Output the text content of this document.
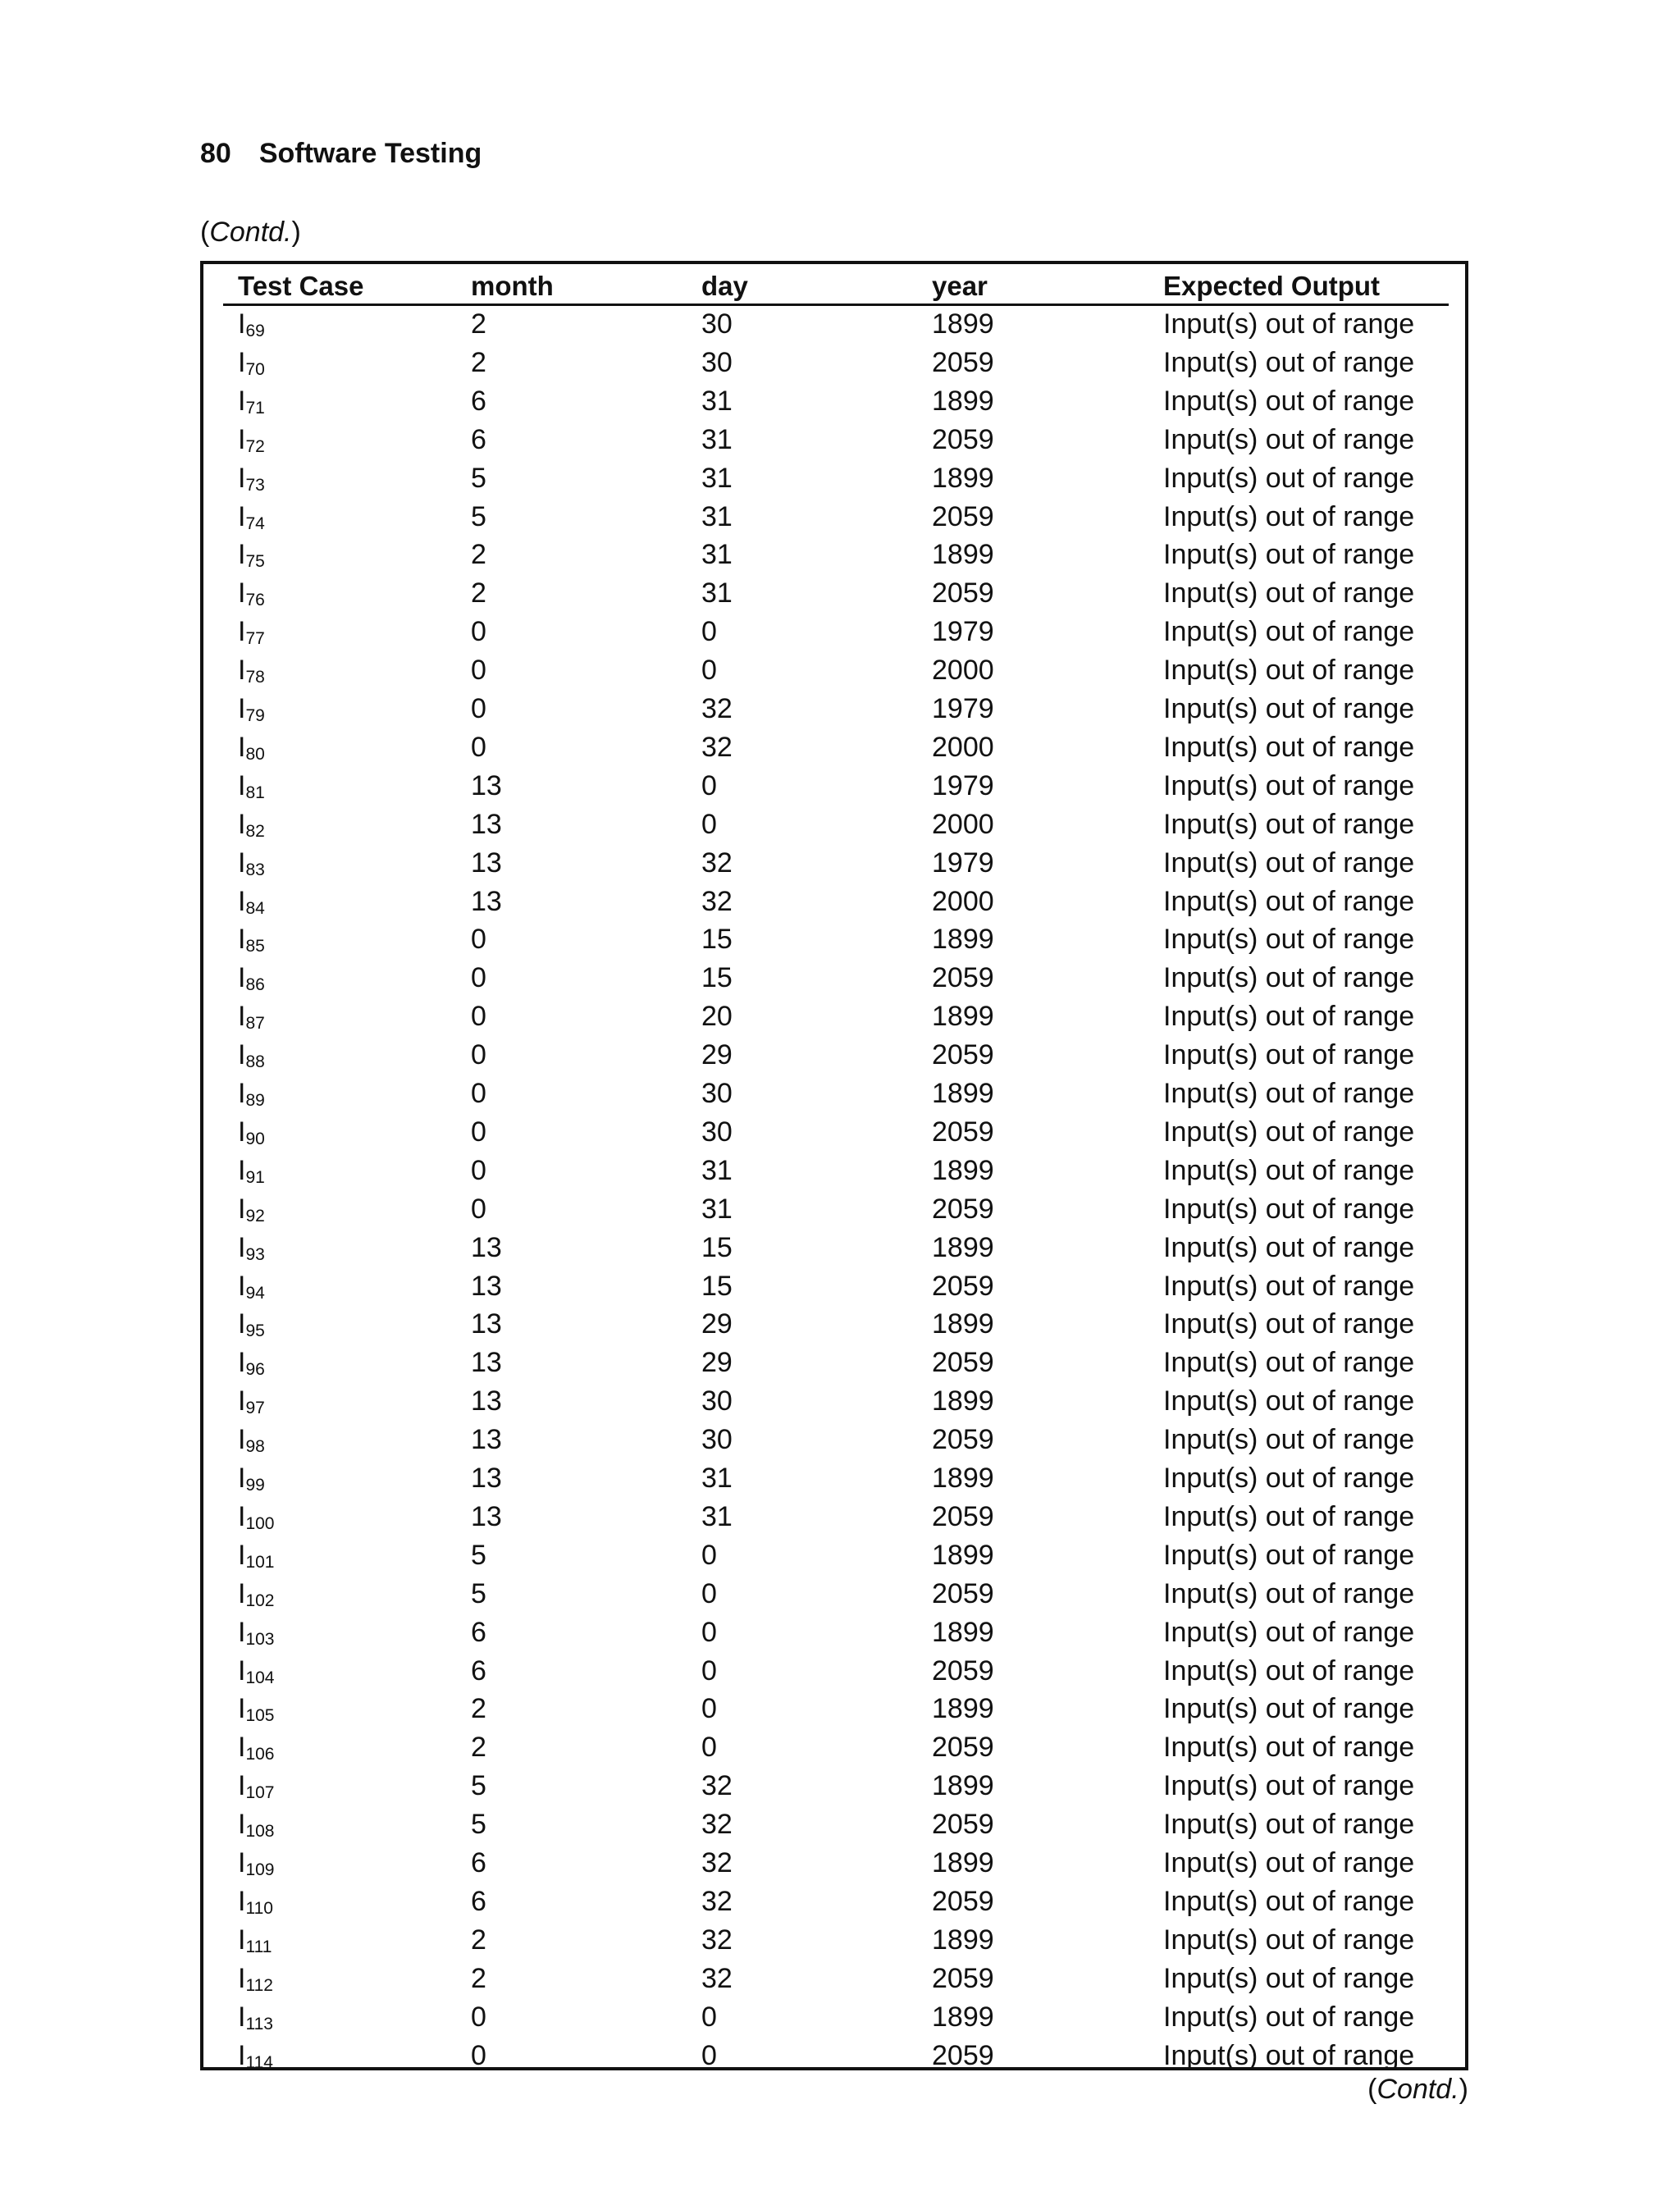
80 Software Testing
(Contd.)
Test Case	month	day	year	Expected Output
$I_{69}$	2	30	1899	Input(s) out of range
$I_{70}$	2	30	2059	Input(s) out of range
$I_{71}$	6	31	1899	Input(s) out of range
$I_{72}$	6	31	2059	Input(s) out of range
$I_{73}$	5	31	1899	Input(s) out of range
$I_{74}$	5	31	2059	Input(s) out of range
$I_{75}$	2	31	1899	Input(s) out of range
$I_{76}$	2	31	2059	Input(s) out of range
$I_{77}$	0	0	1979	Input(s) out of range
$I_{78}$	0	0	2000	Input(s) out of range
$I_{79}$	0	32	1979	Input(s) out of range
$I_{80}$	0	32	2000	Input(s) out of range
$I_{81}$	13	0	1979	Input(s) out of range
$I_{82}$	13	0	2000	Input(s) out of range
$I_{83}$	13	32	1979	Input(s) out of range
$I_{84}$	13	32	2000	Input(s) out of range
$I_{85}$	0	15	1899	Input(s) out of range
$I_{86}$	0	15	2059	Input(s) out of range
$I_{87}$	0	20	1899	Input(s) out of range
$I_{88}$	0	29	2059	Input(s) out of range
$I_{89}$	0	30	1899	Input(s) out of range
$I_{90}$	0	30	2059	Input(s) out of range
$I_{91}$	0	31	1899	Input(s) out of range
$I_{92}$	0	31	2059	Input(s) out of range
$I_{93}$	13	15	1899	Input(s) out of range
$I_{94}$	13	15	2059	Input(s) out of range
$I_{95}$	13	29	1899	Input(s) out of range
$I_{96}$	13	29	2059	Input(s) out of range
$I_{97}$	13	30	1899	Input(s) out of range
$I_{98}$	13	30	2059	Input(s) out of range
$I_{99}$	13	31	1899	Input(s) out of range
$I_{100}$	13	31	2059	Input(s) out of range
$I_{101}$	5	0	1899	Input(s) out of range
$I_{102}$	5	0	2059	Input(s) out of range
$I_{103}$	6	0	1899	Input(s) out of range
$I_{104}$	6	0	2059	Input(s) out of range
$I_{105}$	2	0	1899	Input(s) out of range
$I_{106}$	2	0	2059	Input(s) out of range
$I_{107}$	5	32	1899	Input(s) out of range
$I_{108}$	5	32	2059	Input(s) out of range
$I_{109}$	6	32	1899	Input(s) out of range
$I_{110}$	6	32	2059	Input(s) out of range
$I_{111}$	2	32	1899	Input(s) out of range
$I_{112}$	2	32	2059	Input(s) out of range
$I_{113}$	0	0	1899	Input(s) out of range
$I_{114}$	0	0	2059	Input(s) out of range
(Contd.)
